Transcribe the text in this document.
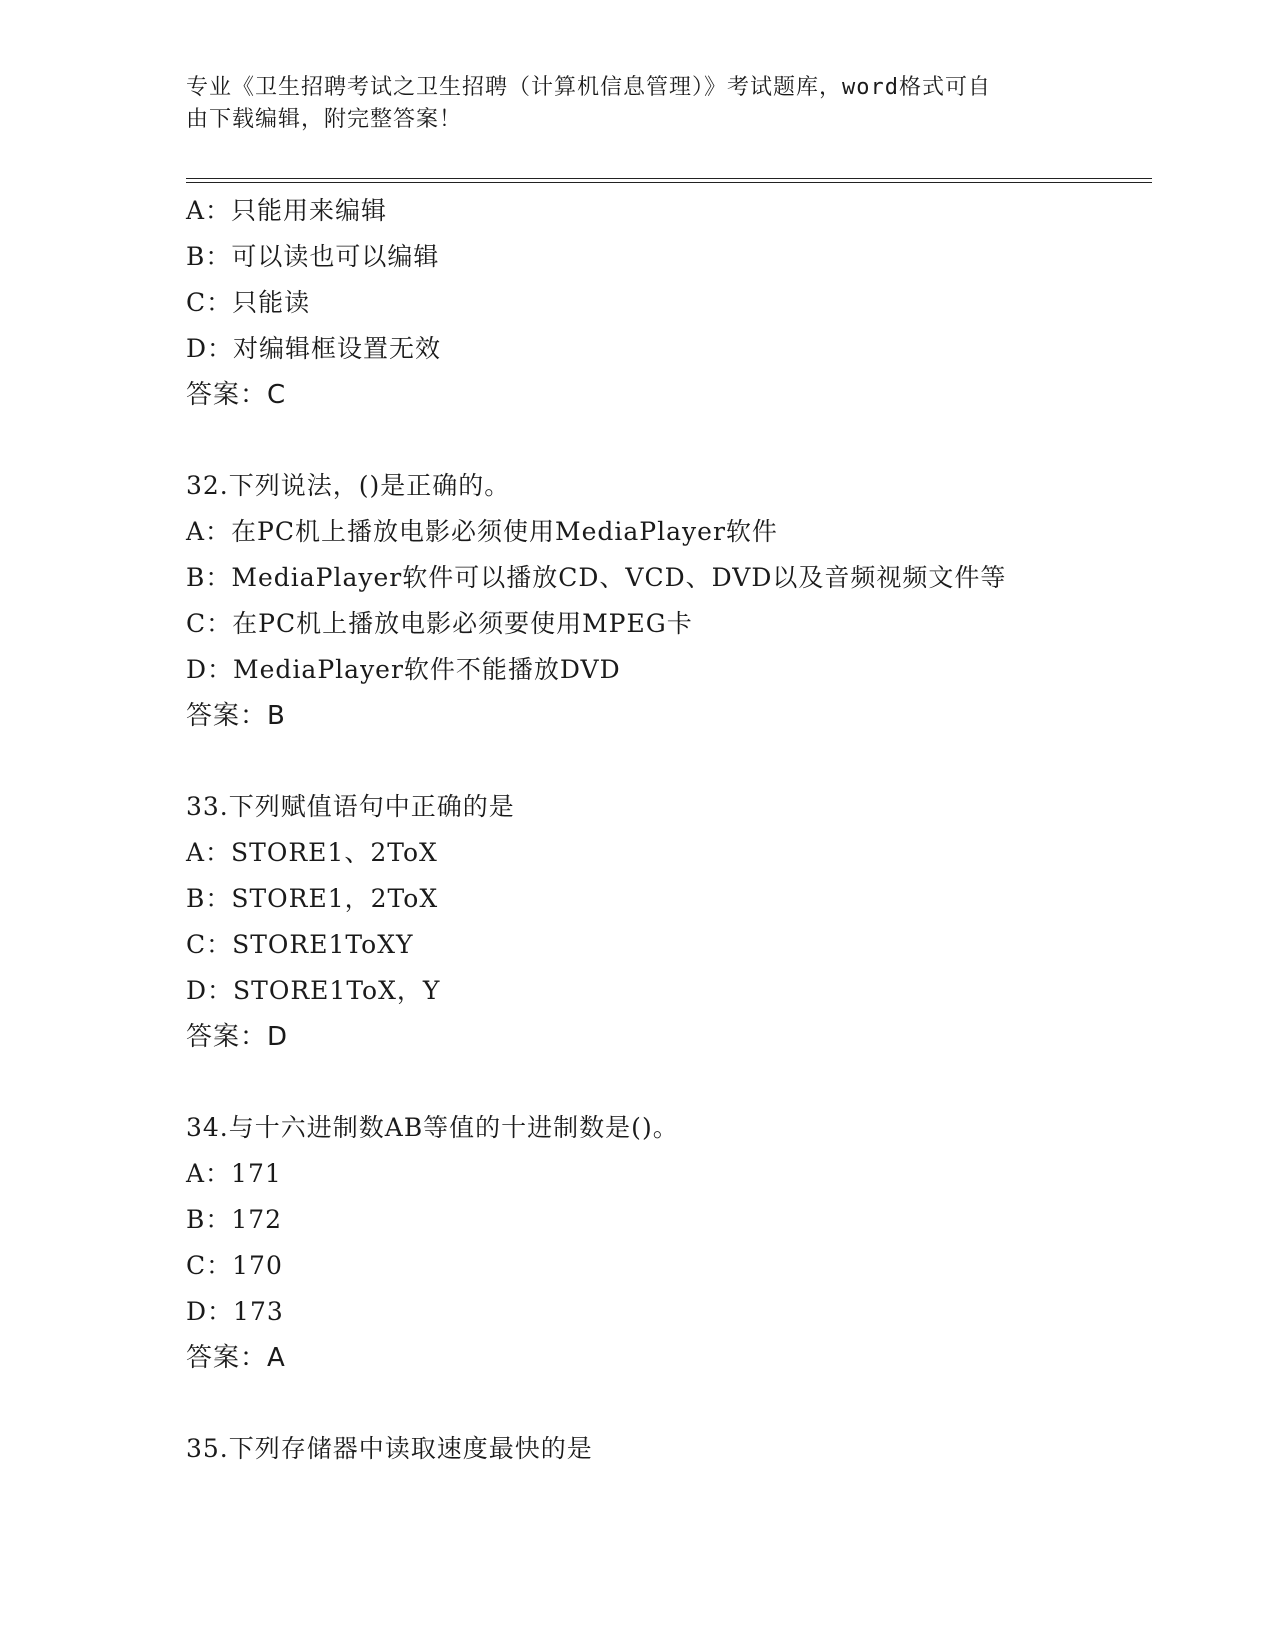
专业《卫生招聘考试之卫生招聘（计算机信息管理）》考试题库，word格式可自
由下载编辑，附完整答案！
A：只能用来编辑
B：可以读也可以编辑
C：只能读
D：对编辑框设置无效
答案：C
32.下列说法，()是正确的。
A：在PC机上播放电影必须使用MediaPlayer软件
B：MediaPlayer软件可以播放CD、VCD、DVD以及音频视频文件等
C：在PC机上播放电影必须要使用MPEG卡
D：MediaPlayer软件不能播放DVD
答案：B
33.下列赋值语句中正确的是
A：STORE1、2ToX
B：STORE1，2ToX
C：STORE1ToXY
D：STORE1ToX，Y
答案：D
34.与十六进制数AB等值的十进制数是()。
A：171
B：172
C：170
D：173
答案：A
35.下列存储器中读取速度最快的是
